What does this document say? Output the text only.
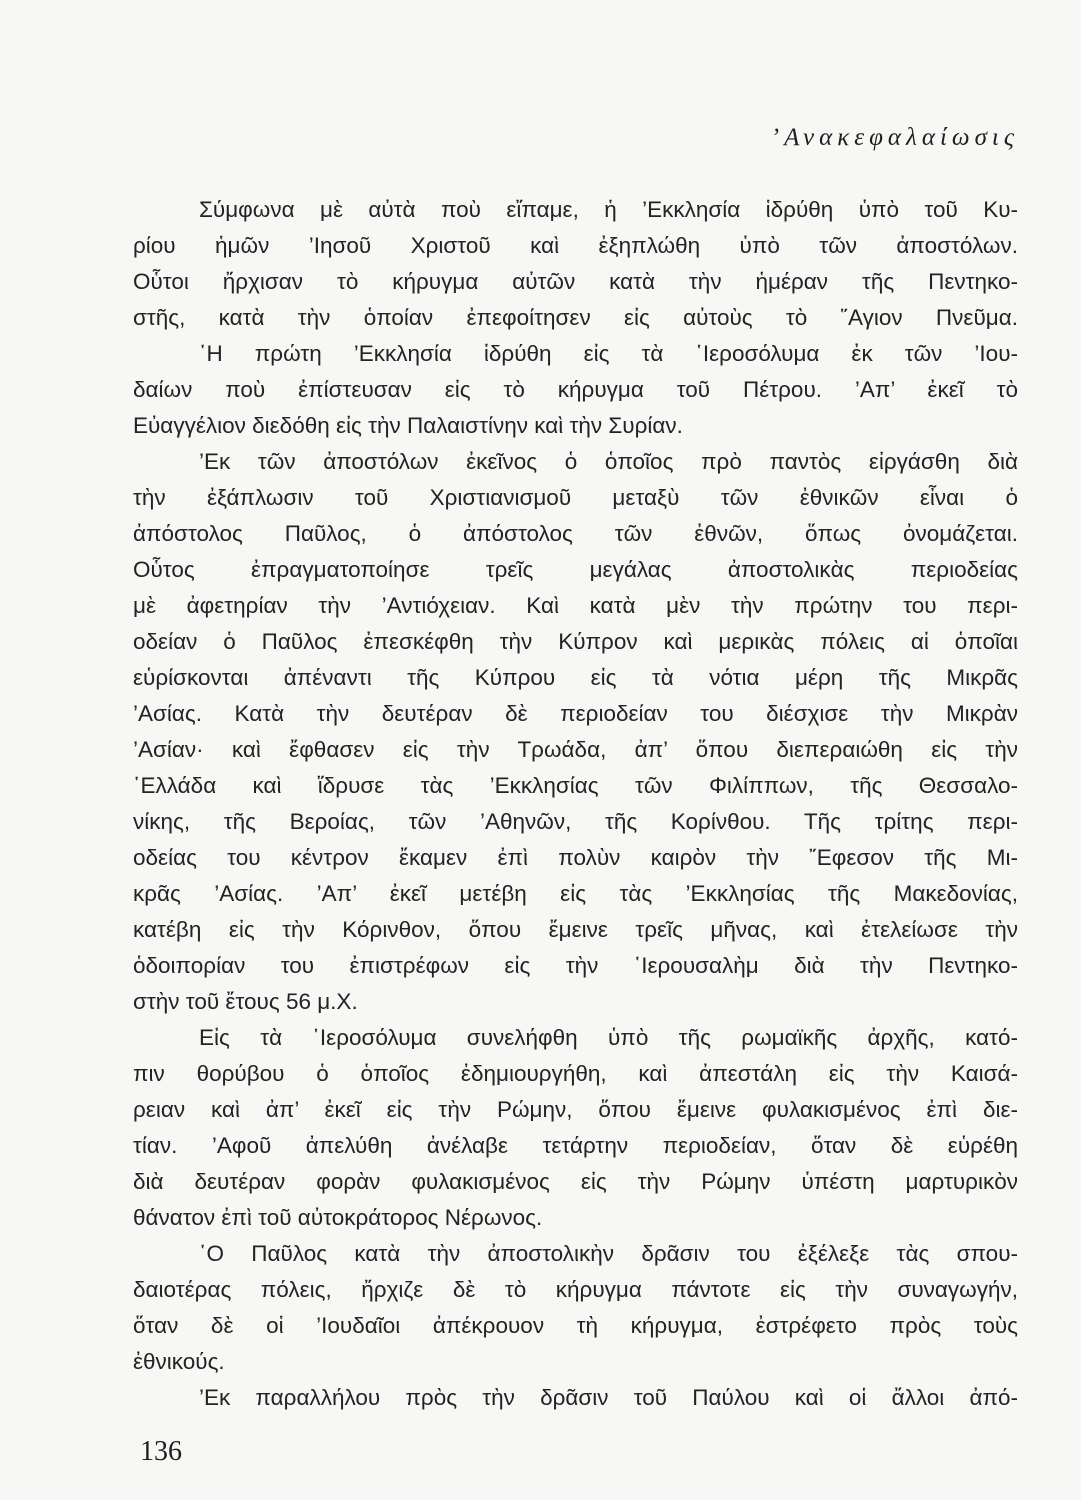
’Ανακεφαλαίωσις
Σύμφωνα μὲ αὐτὰ ποὺ εἴπαμε, ἡ ’Εκκλησία ἱδρύθη ὑπὸ τοῦ Κυ-
ρίου ἡμῶν ’Ιησοῦ Χριστοῦ καὶ ἐξηπλώθη ὑπὸ τῶν ἀποστόλων.
Οὗτοι ἤρχισαν τὸ κήρυγμα αὐτῶν κατὰ τὴν ἡμέραν τῆς Πεντηκο-
στῆς, κατὰ τὴν ὁποίαν ἐπεφοίτησεν εἰς αὐτοὺς τὸ ῞Αγιον Πνεῦμα.
῾Η πρώτη ’Εκκλησία ἱδρύθη εἰς τὰ ῾Ιεροσόλυμα ἐκ τῶν ’Ιου-
δαίων ποὺ ἐπίστευσαν εἰς τὸ κήρυγμα τοῦ Πέτρου. ’Απ’ ἐκεῖ τὸ
Εὐαγγέλιον διεδόθη εἰς τὴν Παλαιστίνην καὶ τὴν Συρίαν.
’Εκ τῶν ἀποστόλων ἐκεῖνος ὁ ὁποῖος πρὸ παντὸς εἰργάσθη διὰ
τὴν ἐξάπλωσιν τοῦ Χριστιανισμοῦ μεταξὺ τῶν ἐθνικῶν εἶναι ὁ
ἀπόστολος Παῦλος, ὁ ἀπόστολος τῶν ἐθνῶν, ὅπως ὀνομάζεται.
Οὗτος ἐπραγματοποίησε τρεῖς μεγάλας ἀποστολικὰς περιοδείας
μὲ ἀφετηρίαν τὴν ’Αντιόχειαν. Καὶ κατὰ μὲν τὴν πρώτην του περι-
οδείαν ὁ Παῦλος ἐπεσκέφθη τὴν Κύπρον καὶ μερικὰς πόλεις αἱ ὁποῖαι
εὑρίσκονται ἀπέναντι τῆς Κύπρου εἰς τὰ νότια μέρη τῆς Μικρᾶς
’Ασίας. Κατὰ τὴν δευτέραν δὲ περιοδείαν του διέσχισε τὴν Μικρὰν
’Ασίαν· καὶ ἔφθασεν εἰς τὴν Τρωάδα, ἀπ’ ὅπου διεπεραιώθη εἰς τὴν
῾Ελλάδα καὶ ἵδρυσε τὰς ’Εκκλησίας τῶν Φιλίππων, τῆς Θεσσαλο-
νίκης, τῆς Βεροίας, τῶν ’Αθηνῶν, τῆς Κορίνθου. Τῆς τρίτης περι-
οδείας του κέντρον ἔκαμεν ἐπὶ πολὺν καιρὸν τὴν ῎Εφεσον τῆς Μι-
κρᾶς ’Ασίας. ’Απ’ ἐκεῖ μετέβη εἰς τὰς ’Εκκλησίας τῆς Μακεδονίας,
κατέβη εἰς τὴν Κόρινθον, ὅπου ἔμεινε τρεῖς μῆνας, καὶ ἐτελείωσε τὴν
ὁδοιπορίαν του ἐπιστρέφων εἰς τὴν ῾Ιερουσαλὴμ διὰ τὴν Πεντηκο-
στὴν τοῦ ἔτους 56 μ.Χ.
Εἰς τὰ ῾Ιεροσόλυμα συνελήφθη ὑπὸ τῆς ρωμαϊκῆς ἀρχῆς, κατό-
πιν θορύβου ὁ ὁποῖος ἐδημιουργήθη, καὶ ἀπεστάλη εἰς τὴν Καισά-
ρειαν καὶ ἀπ’ ἐκεῖ εἰς τὴν Ρώμην, ὅπου ἔμεινε φυλακισμένος ἐπὶ διε-
τίαν. ’Αφοῦ ἀπελύθη ἀνέλαβε τετάρτην περιοδείαν, ὅταν δὲ εὑρέθη
διὰ δευτέραν φορὰν φυλακισμένος εἰς τὴν Ρώμην ὑπέστη μαρτυρικὸν
θάνατον ἐπὶ τοῦ αὐτοκράτορος Νέρωνος.
῾Ο Παῦλος κατὰ τὴν ἀποστολικὴν δρᾶσιν του ἐξέλεξε τὰς σπου-
δαιοτέρας πόλεις, ἤρχιζε δὲ τὸ κήρυγμα πάντοτε εἰς τὴν συναγωγήν,
ὅταν δὲ οἱ ’Ιουδαῖοι ἀπέκρουον τὴ κήρυγμα, ἐστρέφετο πρὸς τοὺς
ἐθνικούς.
’Εκ παραλλήλου πρὸς τὴν δρᾶσιν τοῦ Παύλου καὶ οἱ ἄλλοι ἀπό-
136
